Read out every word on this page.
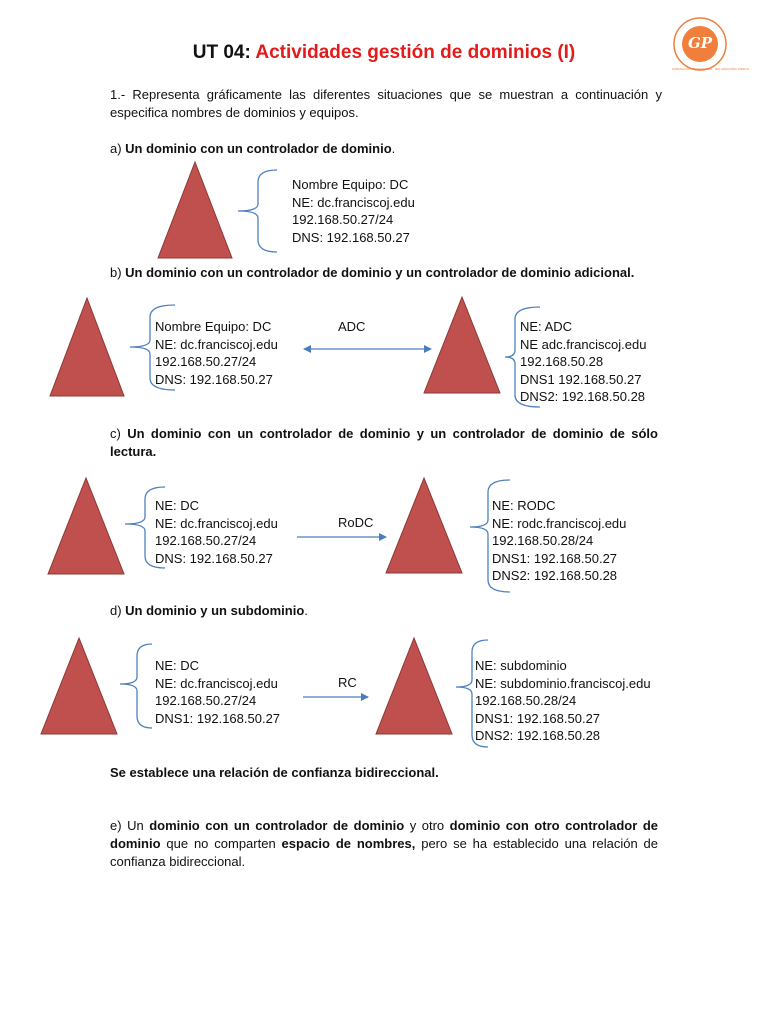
UT 04: Actividades gestión de dominios (I)	GP
FORMACIÓN PROFESIONAL · IES GREGORIO PRIETO
1.- Representa gráficamente las diferentes situaciones que se muestran a continuación y especifica nombres de dominios y equipos.
a) Un dominio con un controlador de dominio.
b) Un dominio con un controlador de dominio y un controlador de dominio adicional.
c) Un dominio con un controlador de dominio y un controlador de dominio de sólo lectura.
d) Un dominio y un subdominio.
Se establece una relación de confianza bidireccional.
e) Un dominio con un controlador de dominio y otro dominio con otro controlador de dominio que no comparten espacio de nombres, pero se ha establecido una relación de confianza bidireccional.
Nombre Equipo: DC
NE: dc.franciscoj.edu
192.168.50.27/24
DNS: 192.168.50.27
Nombre Equipo: DC
NE: dc.franciscoj.edu
192.168.50.27/24
DNS: 192.168.50.27
ADC	NE: ADC
NE adc.franciscoj.edu
192.168.50.28
DNS1 192.168.50.27
DNS2: 192.168.50.28
NE: DC
NE: dc.franciscoj.edu
192.168.50.27/24
DNS: 192.168.50.27
RoDC
NE: RODC
NE: rodc.franciscoj.edu
192.168.50.28/24
DNS1: 192.168.50.27
DNS2: 192.168.50.28
NE: DC
NE: dc.franciscoj.edu
192.168.50.27/24
DNS1: 192.168.50.27
RC
NE: subdominio
NE: subdominio.franciscoj.edu
192.168.50.28/24
DNS1: 192.168.50.27
DNS2: 192.168.50.28
